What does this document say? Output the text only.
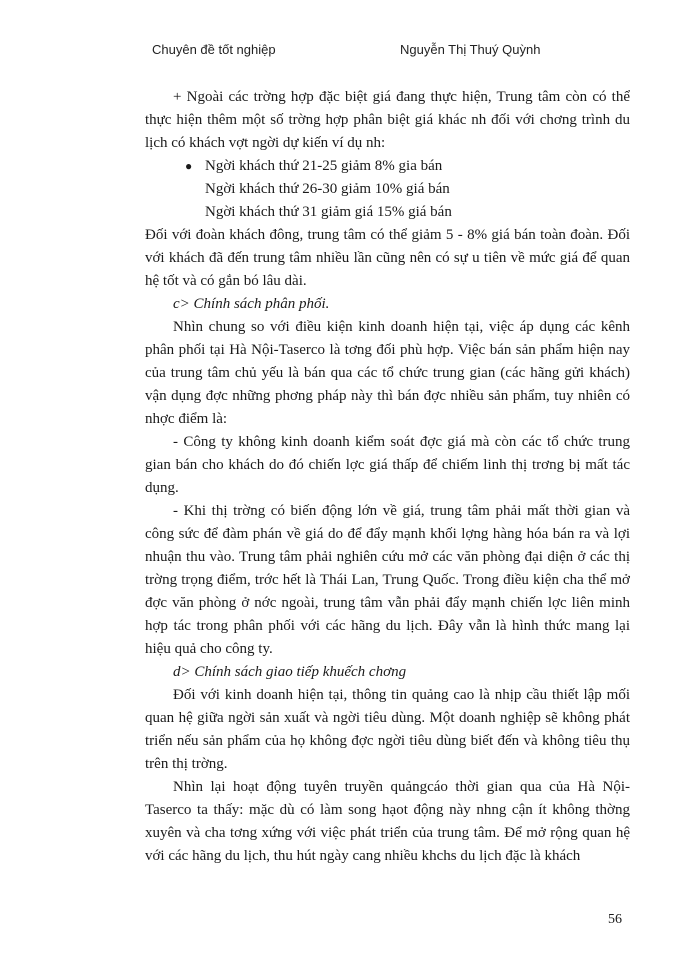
Chuyên đề tốt nghiệp	Nguyễn Thị Thuý Quỳnh

+ Ngoài các trờng hợp đặc biệt giá đang thực hiện, Trung tâm còn có thể thực hiện thêm một số trờng hợp phân biệt giá khác nh đối với chơng trình du lịch có khách vợt ngời dự kiến ví dụ nh:

● Ngời khách thứ 21-25 giảm 8% gia bán
Ngời khách thứ 26-30 giảm 10% giá bán
Ngời khách thứ 31 giảm giá 15% giá bán

Đối với đoàn khách đông, trung tâm có thể giảm 5 - 8% giá bán toàn đoàn. Đối với khách đã đến trung tâm nhiều lần cũng nên có sự u tiên về mức giá để quan hệ tốt và có gắn bó lâu dài.

c> Chính sách phân phối.

Nhìn chung so với điều kiện kinh doanh hiện tại, việc áp dụng các kênh phân phối tại Hà Nội-Taserco là tơng đối phù hợp. Việc bán sản phẩm hiện nay của trung tâm chủ yếu là bán qua các tổ chức trung gian (các hãng gửi khách) vận dụng đợc những phơng pháp này thì bán đợc nhiều sản phẩm, tuy nhiên có nhợc điểm là:

- Công ty không kinh doanh kiểm soát đợc giá mà còn các tổ chức trung gian bán cho khách do đó chiến lợc giá thấp để chiếm linh thị trơng bị mất tác dụng.

- Khi thị trờng có biến động lớn về giá, trung tâm phải mất thời gian và công sức để đàm phán về giá do để đẩy mạnh khối lợng hàng hóa bán ra và lợi nhuận thu vào. Trung tâm phải nghiên cứu mở các văn phòng đại diện ở các thị trờng trọng điểm, trớc hết là Thái Lan, Trung Quốc. Trong điều kiện cha thể mở đợc văn phòng ở nớc ngoài, trung tâm vẫn phải đẩy mạnh chiến lợc liên minh hợp tác trong phân phối với các hãng du lịch. Đây vẫn là hình thức mang lại hiệu quả cho công ty.

d> Chính sách giao tiếp khuếch chơng

Đối với kinh doanh hiện tại, thông tin quảng cao là nhịp cầu thiết lập mối quan hệ giữa ngời sản xuất và ngời tiêu dùng. Một doanh nghiệp sẽ không phát triển nếu sản phẩm của họ không đợc ngời tiêu dùng biết đến và không tiêu thụ trên thị trờng.

Nhìn lại hoạt động tuyên truyền quảngcáo thời gian qua của Hà Nội-Taserco ta thấy: mặc dù có làm song hạot động này nhng cận ít không thờng xuyên và cha tơng xứng với việc phát triển của trung tâm. Để mở rộng quan hệ với các hãng du lịch, thu hút ngày cang nhiều khchs du lịch đặc là khách

56
